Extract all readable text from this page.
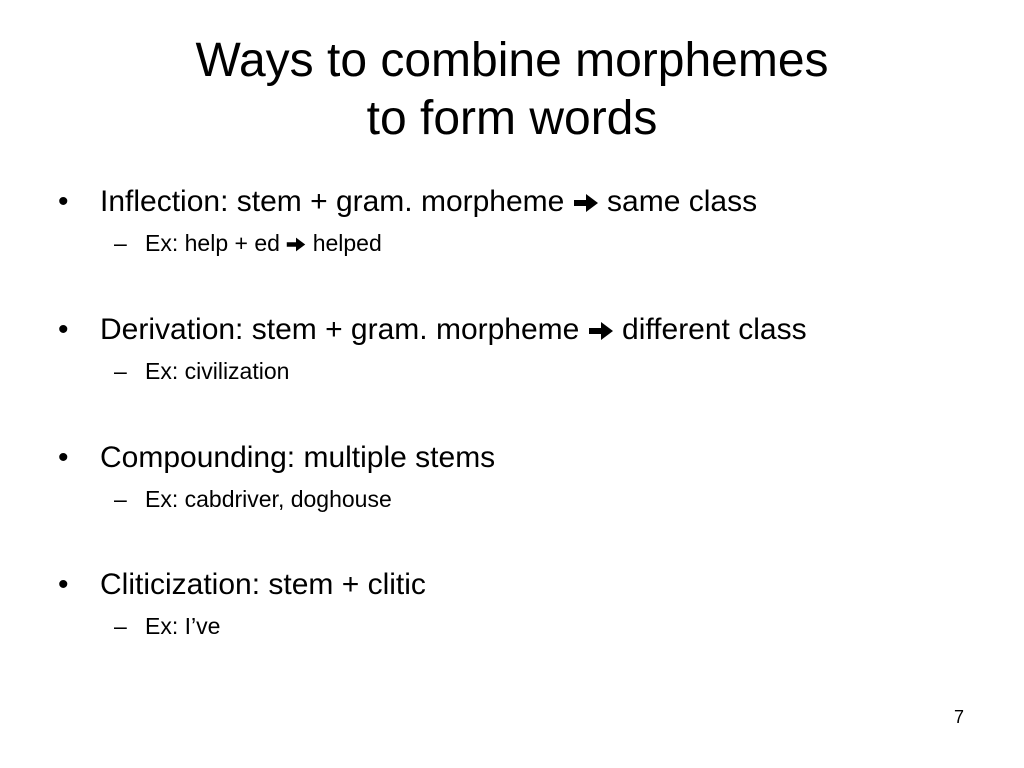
Ways to combine morphemes
to form words
• Inflection: stem + gram. morpheme same class
– Ex: help + ed helped
• Derivation: stem + gram. morpheme different class
– Ex: civilization
• Compounding: multiple stems
– Ex: cabdriver, doghouse
• Cliticization: stem + clitic
– Ex: I’ve
7
